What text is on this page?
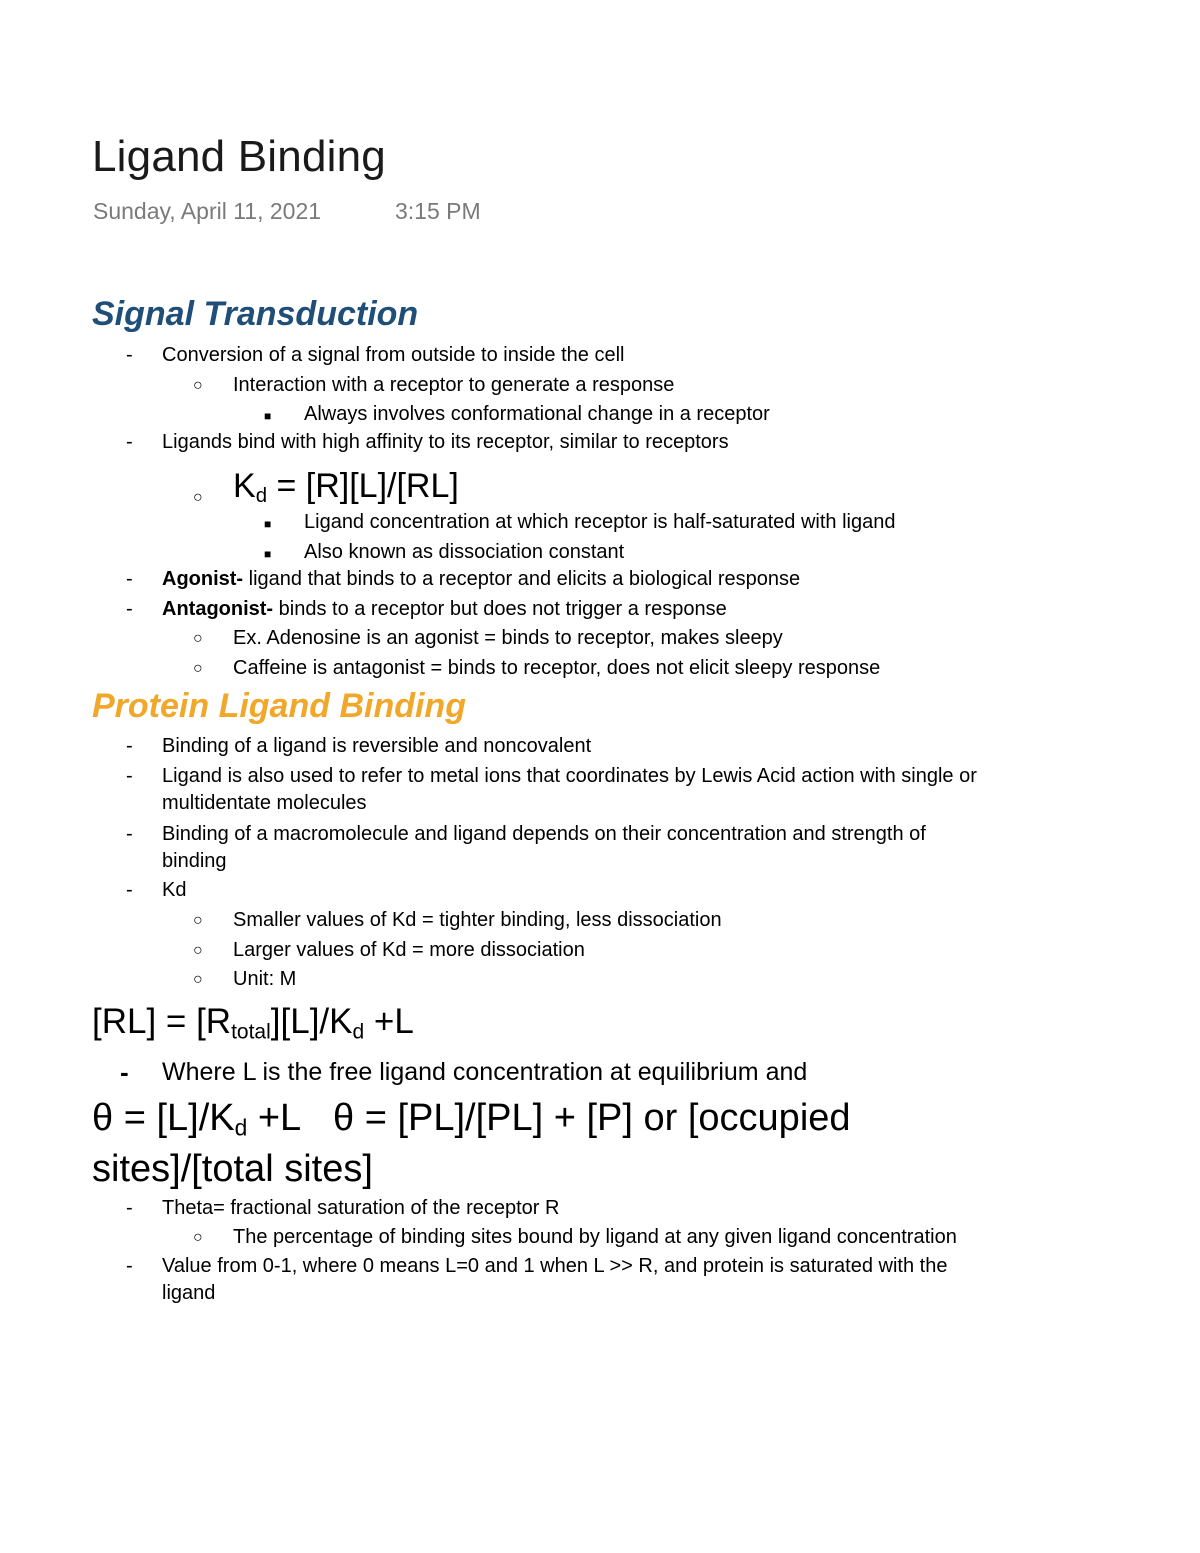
Ligand Binding
Sunday, April 11, 2021	3:15 PM
Signal Transduction
- Conversion of a signal from outside to inside the cell
○ Interaction with a receptor to generate a response
■ Always involves conformational change in a receptor
- Ligands bind with high affinity to its receptor, similar to receptors
○ $K_d = [R][L]/[RL]$
■ Ligand concentration at which receptor is half-saturated with ligand
■ Also known as dissociation constant
- Agonist- ligand that binds to a receptor and elicits a biological response
- Antagonist- binds to a receptor but does not trigger a response
○ Ex. Adenosine is an agonist = binds to receptor, makes sleepy
○ Caffeine is antagonist = binds to receptor, does not elicit sleepy response
Protein Ligand Binding
- Binding of a ligand is reversible and noncovalent
- Ligand is also used to refer to metal ions that coordinates by Lewis Acid action with single or
multidentate molecules
- Binding of a macromolecule and ligand depends on their concentration and strength of
binding
- Kd
○ Smaller values of Kd = tighter binding, less dissociation
○ Larger values of Kd = more dissociation
○ Unit: M
$[RL] = [R_{total}][L]/K_d +L$
- Where L is the free ligand concentration at equilibrium and
$\theta = [L]/K_d +L$ θ = [PL]/[PL] + [P] or [occupied
sites]/[total sites]
- Theta= fractional saturation of the receptor R
○ The percentage of binding sites bound by ligand at any given ligand concentration
- Value from 0-1, where 0 means L=0 and 1 when L >> R, and protein is saturated with the
ligand
